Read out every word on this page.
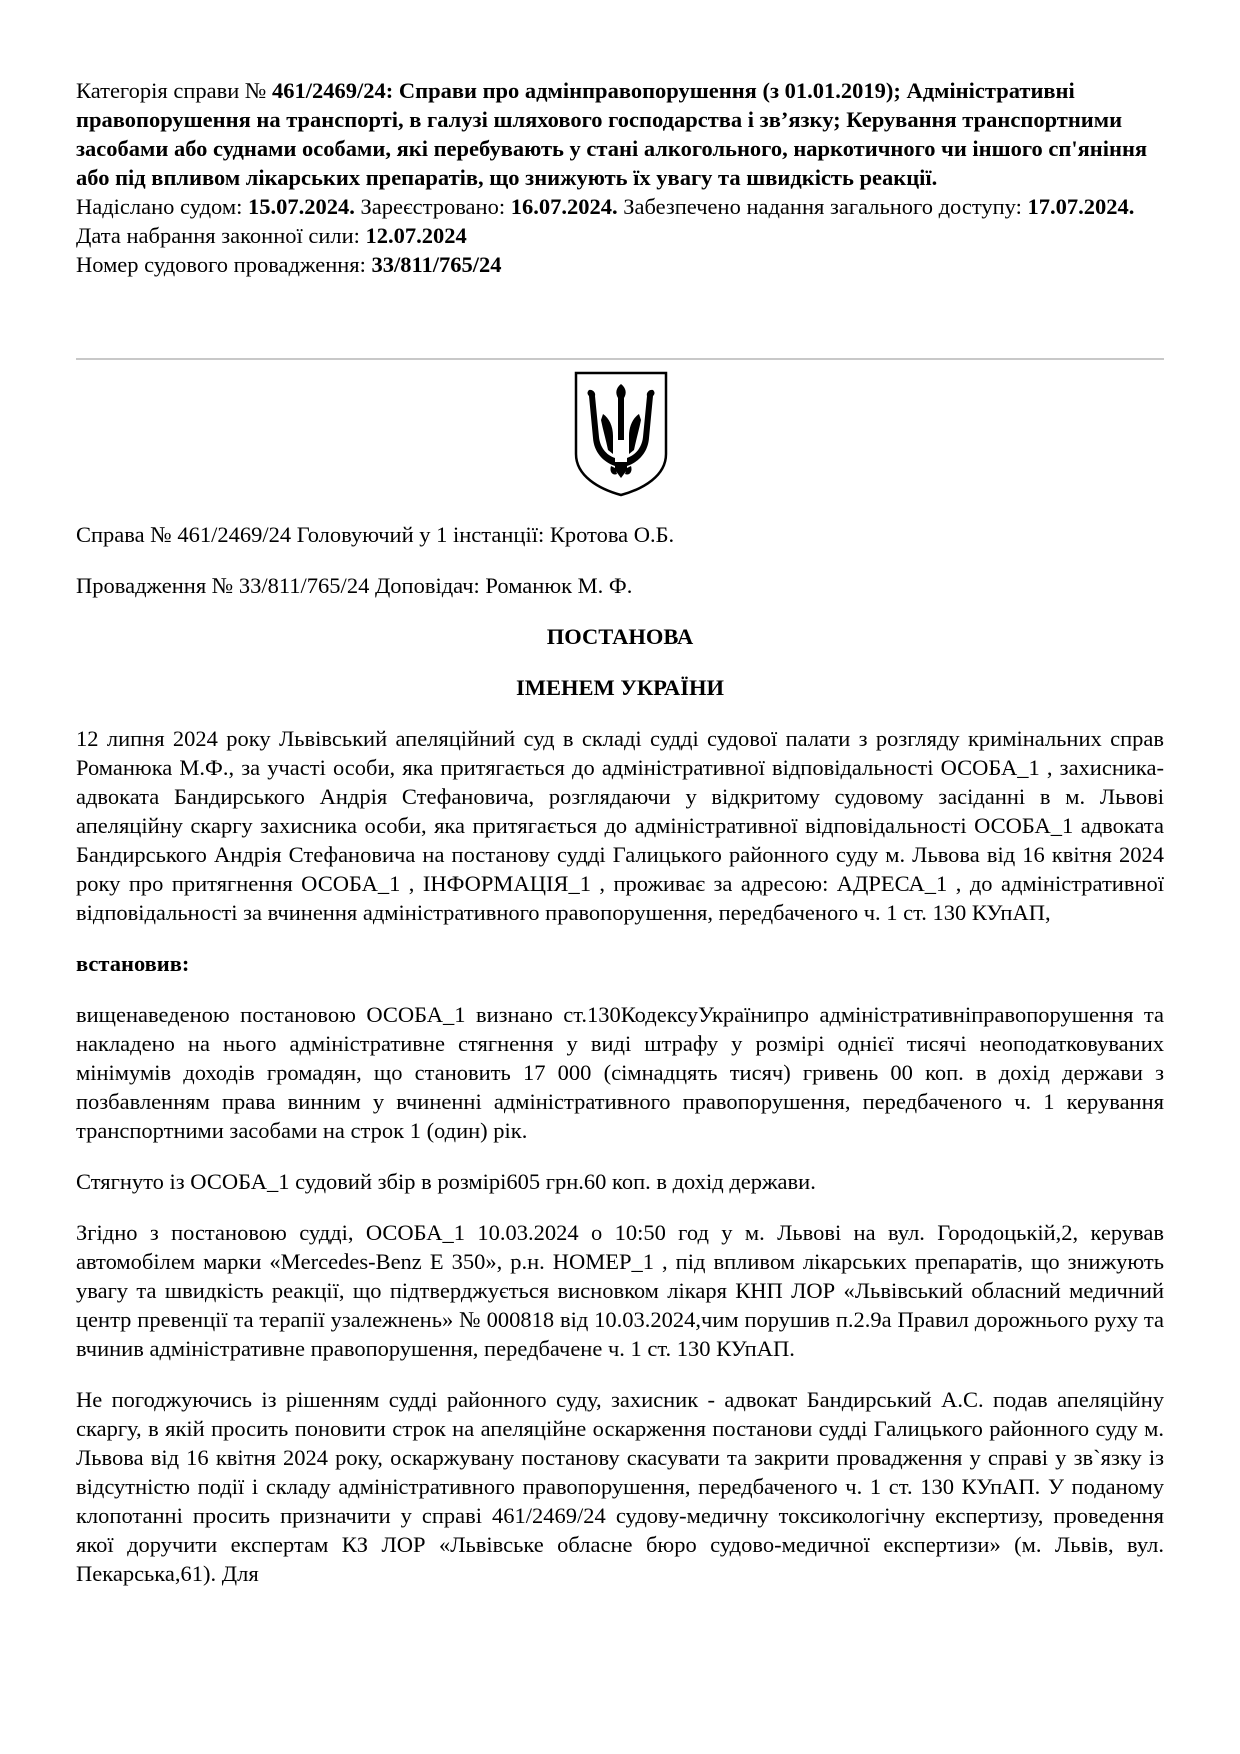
Категорія справи № 461/2469/24: Справи про адмінправопорушення (з 01.01.2019); Адміністративні правопорушення на транспорті, в галузі шляхового господарства і зв’язку; Керування транспортними засобами або суднами особами, які перебувають у стані алкогольного, наркотичного чи іншого сп'яніння або під впливом лікарських препаратів, що знижують їх увагу та швидкість реакції.

Надіслано судом: 15.07.2024. Зареєстровано: 16.07.2024. Забезпечено надання загального доступу: 17.07.2024.

Дата набрання законної сили: 12.07.2024

Номер судового провадження: 33/811/765/24

Справа № 461/2469/24 Головуючий у 1 інстанції: Кротова О.Б.

Провадження № 33/811/765/24 Доповідач: Романюк М. Ф.

ПОСТАНОВА

ІМЕНЕМ УКРАЇНИ

12 липня 2024 року Львівський апеляційний суд в складі судді судової палати з розгляду кримінальних справ Романюка М.Ф., за участі особи, яка притягається до адміністративної відповідальності ОСОБА_1 , захисника-адвоката Бандирського Андрія Стефановича, розглядаючи у відкритому судовому засіданні в м. Львові апеляційну скаргу захисника особи, яка притягається до адміністративної відповідальності ОСОБА_1 адвоката Бандирського Андрія Стефановича на постанову судді Галицького районного суду м. Львова від 16 квітня 2024 року про притягнення ОСОБА_1 , ІНФОРМАЦІЯ_1 , проживає за адресою: АДРЕСА_1 , до адміністративної відповідальності за вчинення адміністративного правопорушення, передбаченого ч. 1 ст. 130 КУпАП,

встановив:

вищенаведеною постановою ОСОБА_1 визнано ст.130КодексуУкраїнипро адміністративніправопорушення та накладено на нього адміністративне стягнення у виді штрафу у розмірі однієї тисячі неоподатковуваних мінімумів доходів громадян, що становить 17 000 (сімнадцять тисяч) гривень 00 коп. в дохід держави з позбавленням права винним у вчиненні адміністративного правопорушення, передбаченого ч. 1 керування транспортними засобами на строк 1 (один) рік.

Стягнуто із ОСОБА_1 судовий збір в розмірі605 грн.60 коп. в дохід держави.

Згідно з постановою судді, ОСОБА_1 10.03.2024 о 10:50 год у м. Львові на вул. Городоцькій,2, керував автомобілем марки «Mercedes-Benz E 350», р.н. НОМЕР_1 , під впливом лікарських препаратів, що знижують увагу та швидкість реакції, що підтверджується висновком лікаря КНП ЛОР «Львівський обласний медичний центр превенції та терапії узалежнень» № 000818 від 10.03.2024,чим порушив п.2.9а Правил дорожнього руху та вчинив адміністративне правопорушення, передбачене ч. 1 ст. 130 КУпАП.

Не погоджуючись із рішенням судді районного суду, захисник - адвокат Бандирський А.С. подав апеляційну скаргу, в якій просить поновити строк на апеляційне оскарження постанови судді Галицького районного суду м. Львова від 16 квітня 2024 року, оскаржувану постанову скасувати та закрити провадження у справі у зв`язку із відсутністю події і складу адміністративного правопорушення, передбаченого ч. 1 ст. 130 КУпАП. У поданому клопотанні просить призначити у справі 461/2469/24 судову-медичну токсикологічну експертизу, проведення якої доручити експертам КЗ ЛОР «Львівське обласне бюро судово-медичної експертизи» (м. Львів, вул. Пекарська,61). Для
